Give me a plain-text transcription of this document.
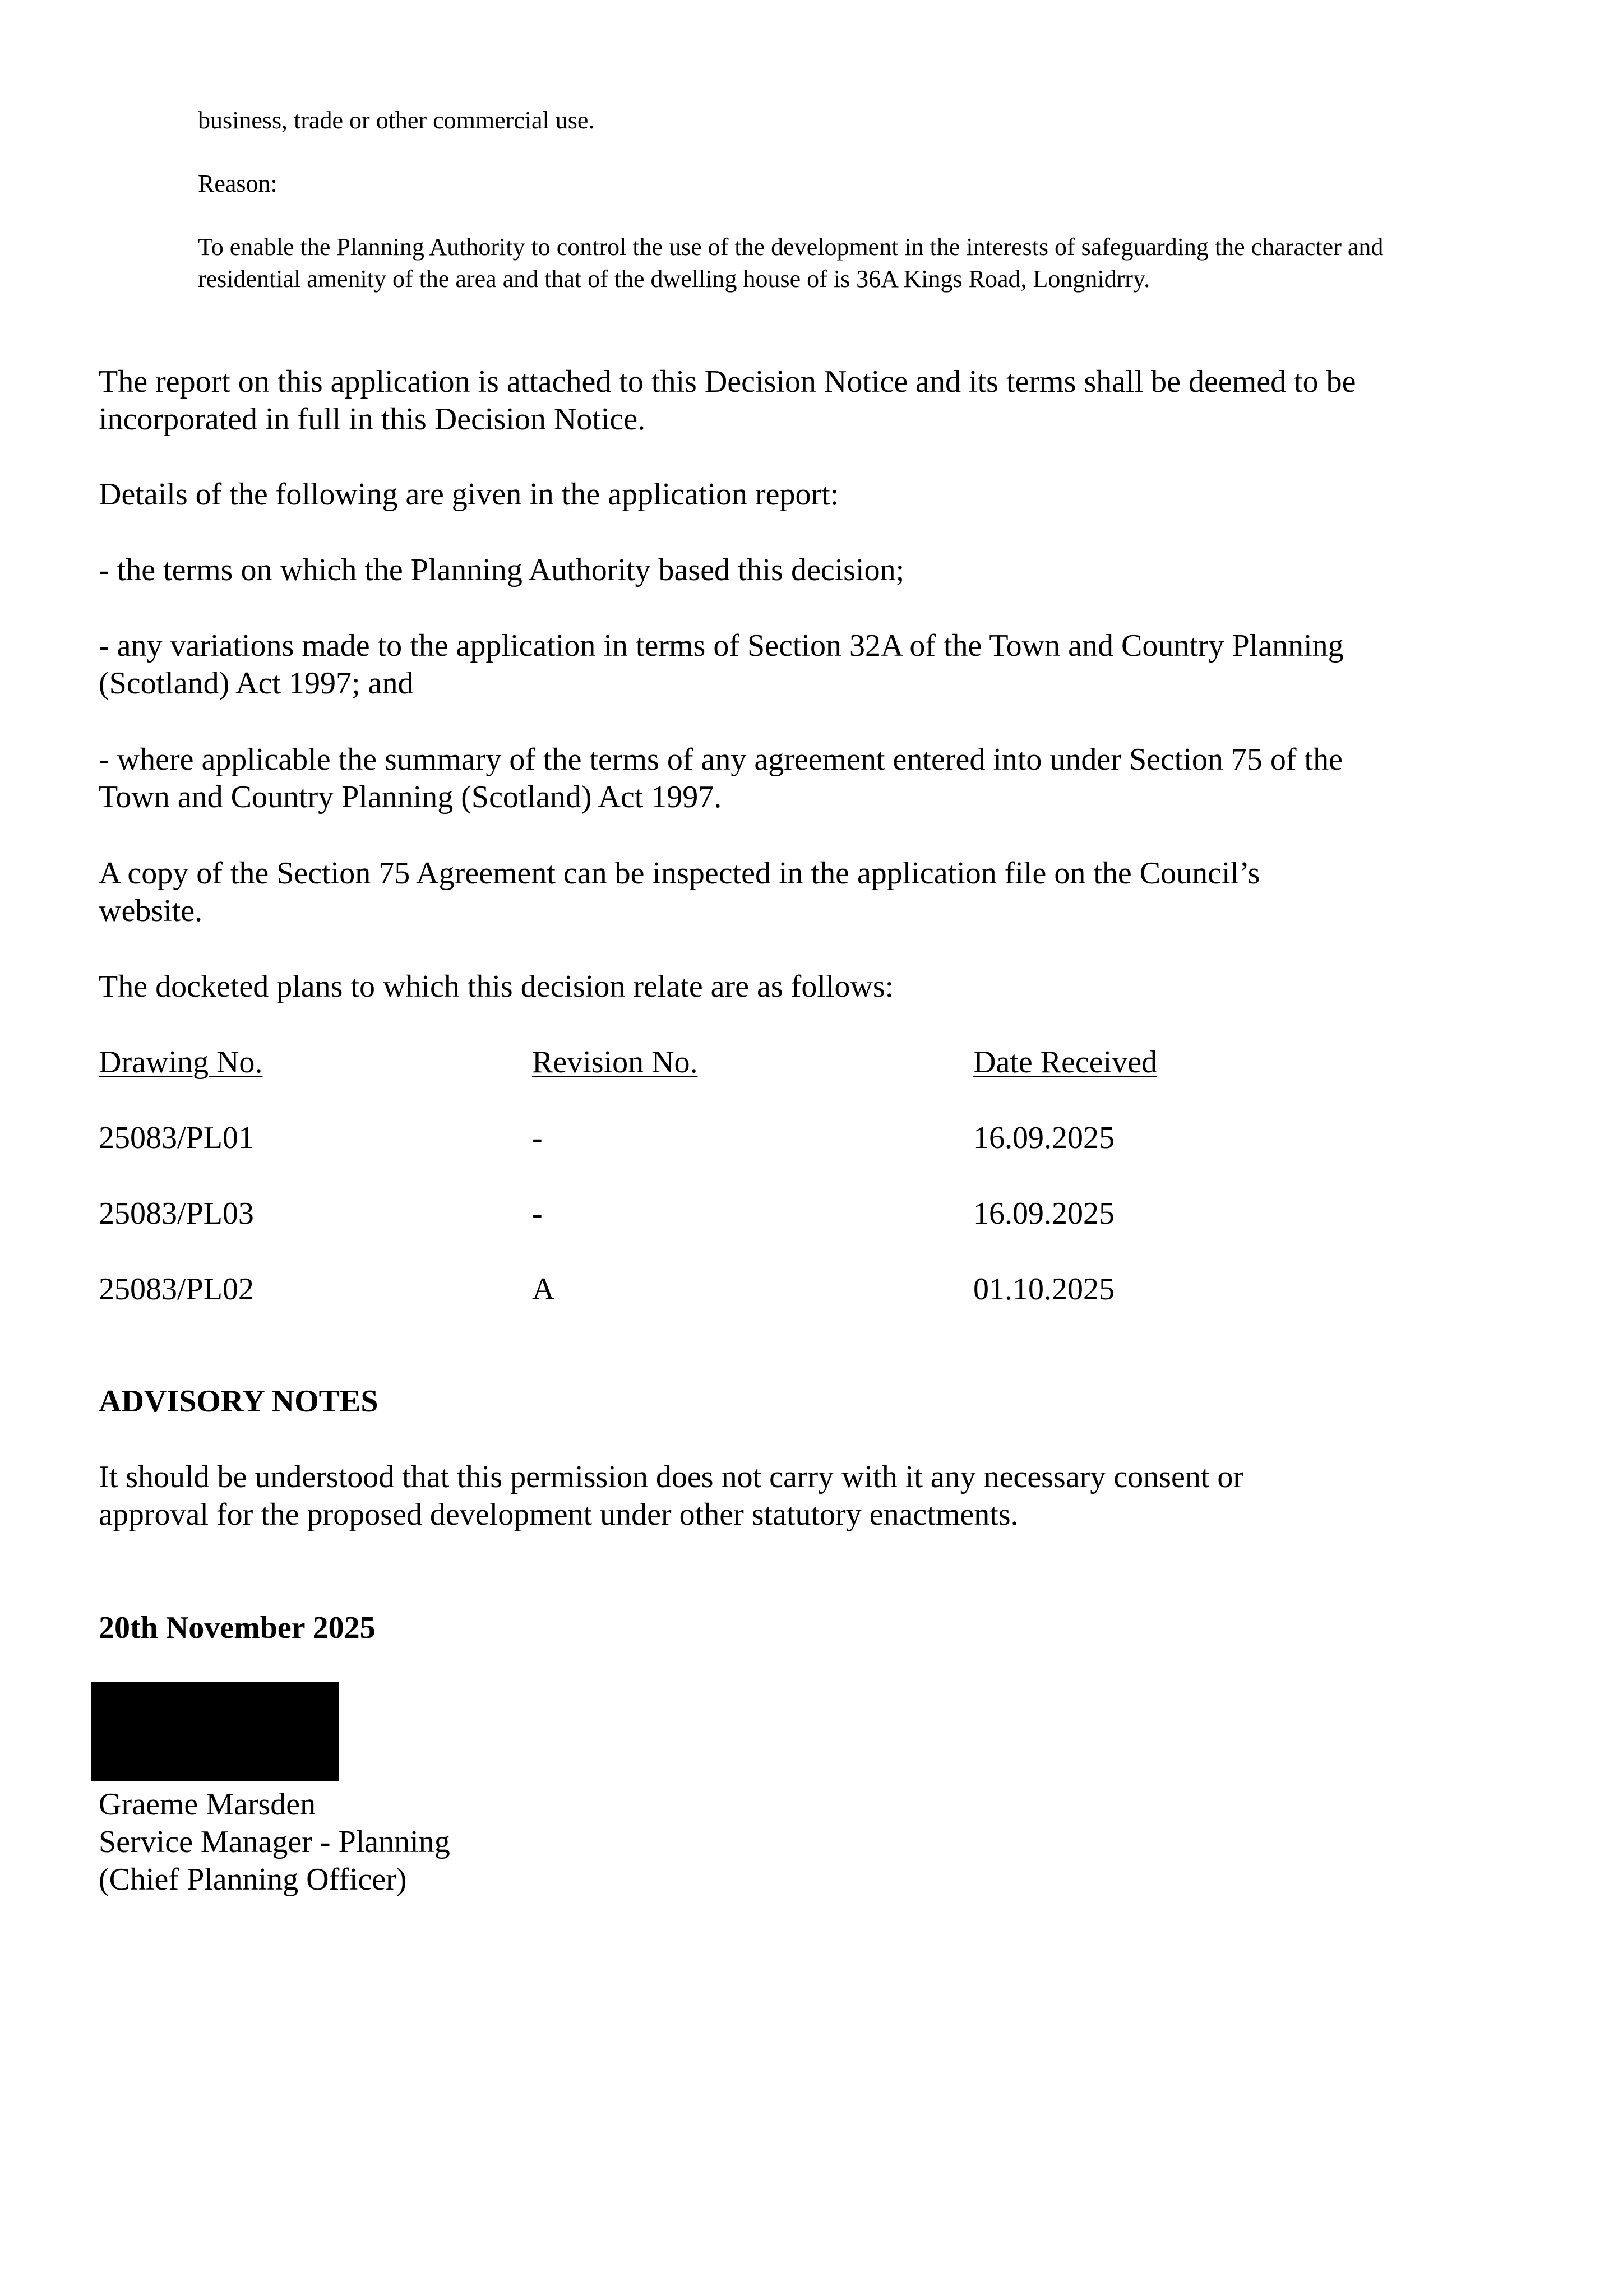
business, trade or other commercial use.
Reason:
To enable the Planning Authority to control the use of the development in the interests of safeguarding the character and residential amenity of the area and that of the dwelling house of is 36A Kings Road, Longnidrry.
The report on this application is attached to this Decision Notice and its terms shall be deemed to be incorporated in full in this Decision Notice.
Details of the following are given in the application report:
- the terms on which the Planning Authority based this decision;
- any variations made to the application in terms of Section 32A of the Town and Country Planning (Scotland) Act 1997; and
- where applicable the summary of the terms of any agreement entered into under Section 75 of the Town and Country Planning (Scotland) Act 1997.
A copy of the Section 75 Agreement can be inspected in the application file on the Council’s website.
The docketed plans to which this decision relate are as follows:
Drawing No.	Revision No.	Date Received
25083/PL01	-	16.09.2025
25083/PL03	-	16.09.2025
25083/PL02	A	01.10.2025
ADVISORY NOTES
It should be understood that this permission does not carry with it any necessary consent or approval for the proposed development under other statutory enactments.
20th November 2025
Graeme Marsden
Service Manager - Planning
(Chief Planning Officer)
